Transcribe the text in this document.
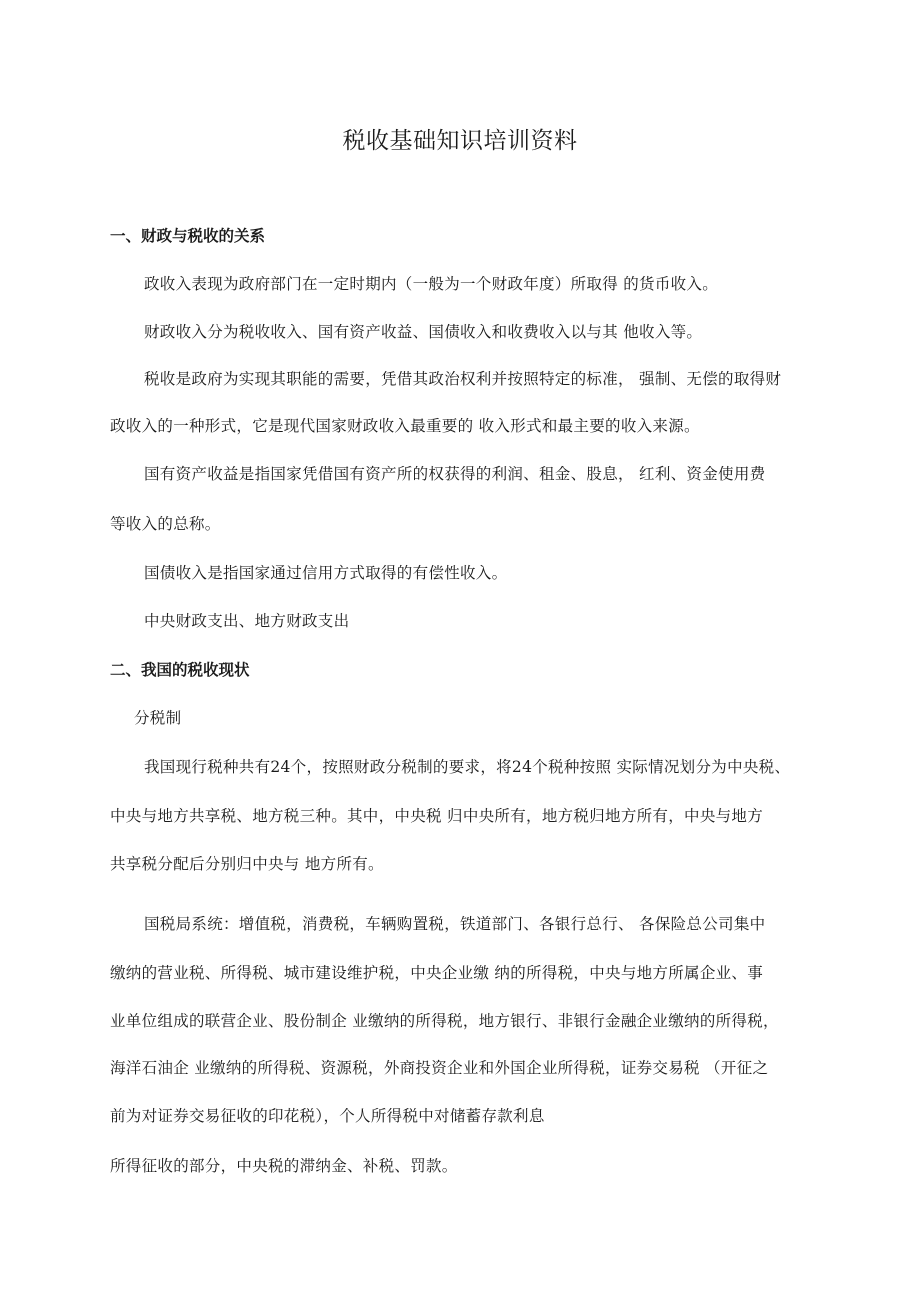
税收基础知识培训资料
一、财政与税收的关系
政收入表现为政府部门在一定时期内（一般为一个财政年度）所取得 的货币收入。
财政收入分为税收收入、国有资产收益、国债收入和收费收入以与其 他收入等。
税收是政府为实现其职能的需要，凭借其政治权利并按照特定的标准， 强制、无偿的取得财
政收入的一种形式，它是现代国家财政收入最重要的 收入形式和最主要的收入来源。
国有资产收益是指国家凭借国有资产所的权获得的利润、租金、股息， 红利、资金使用费
等收入的总称。
国债收入是指国家通过信用方式取得的有偿性收入。
中央财政支出、地方财政支出
二、我国的税收现状
分税制
我国现行税种共有24个，按照财政分税制的要求，将24个税种按照 实际情况划分为中央税、
中央与地方共享税、地方税三种。其中，中央税 归中央所有，地方税归地方所有，中央与地方
共享税分配后分别归中央与 地方所有。
国税局系统：增值税，消费税，车辆购置税，铁道部门、各银行总行、 各保险总公司集中
缴纳的营业税、所得税、城市建设维护税，中央企业缴 纳的所得税，中央与地方所属企业、事
业单位组成的联营企业、股份制企 业缴纳的所得税，地方银行、非银行金融企业缴纳的所得税，
海洋石油企 业缴纳的所得税、资源税，外商投资企业和外国企业所得税，证券交易税 （开征之
前为对证券交易征收的印花税），个人所得税中对储蓄存款利息
所得征收的部分，中央税的滞纳金、补税、罚款。
